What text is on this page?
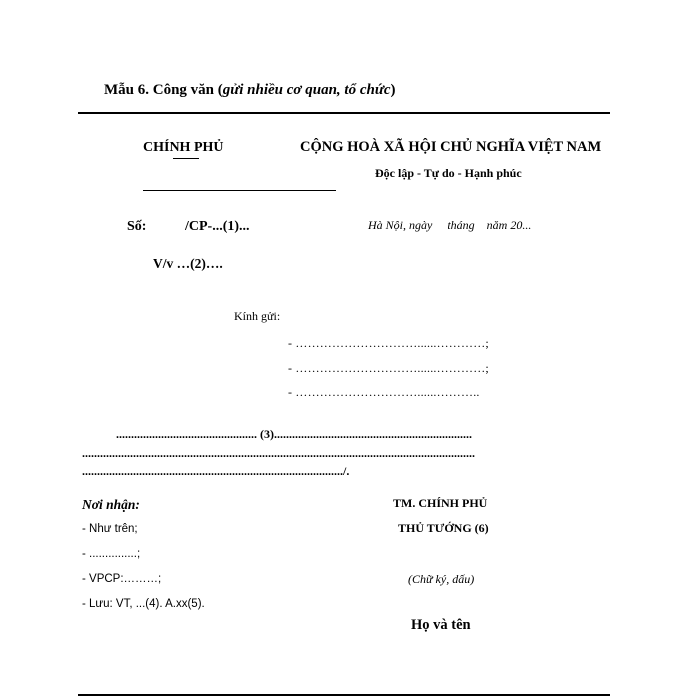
Mẫu 6. Công văn (gửi nhiều cơ quan, tổ chức)
CHÍNH PHỦ	CỘNG HOÀ XÃ HỘI CHỦ NGHĨA VIỆT NAM
Độc lập - Tự do - Hạnh phúc
Số:	/CP-...(1)...	Hà Nội, ngày     tháng    năm 20...
V/v …(2)….
Kính gửi:
- …………………………......…………;
- …………………………......…………;
- …………………………......………..
............................................... (3)..................................................................
...................................................................................................................................
......................................................................................./.
Nơi nhận:
- Như trên;
- ...............;
- VPCP:………;
- Lưu: VT, ...(4). A.xx(5).
TM. CHÍNH PHỦ
THỦ TƯỚNG (6)
(Chữ ký, dấu)
Họ và tên
